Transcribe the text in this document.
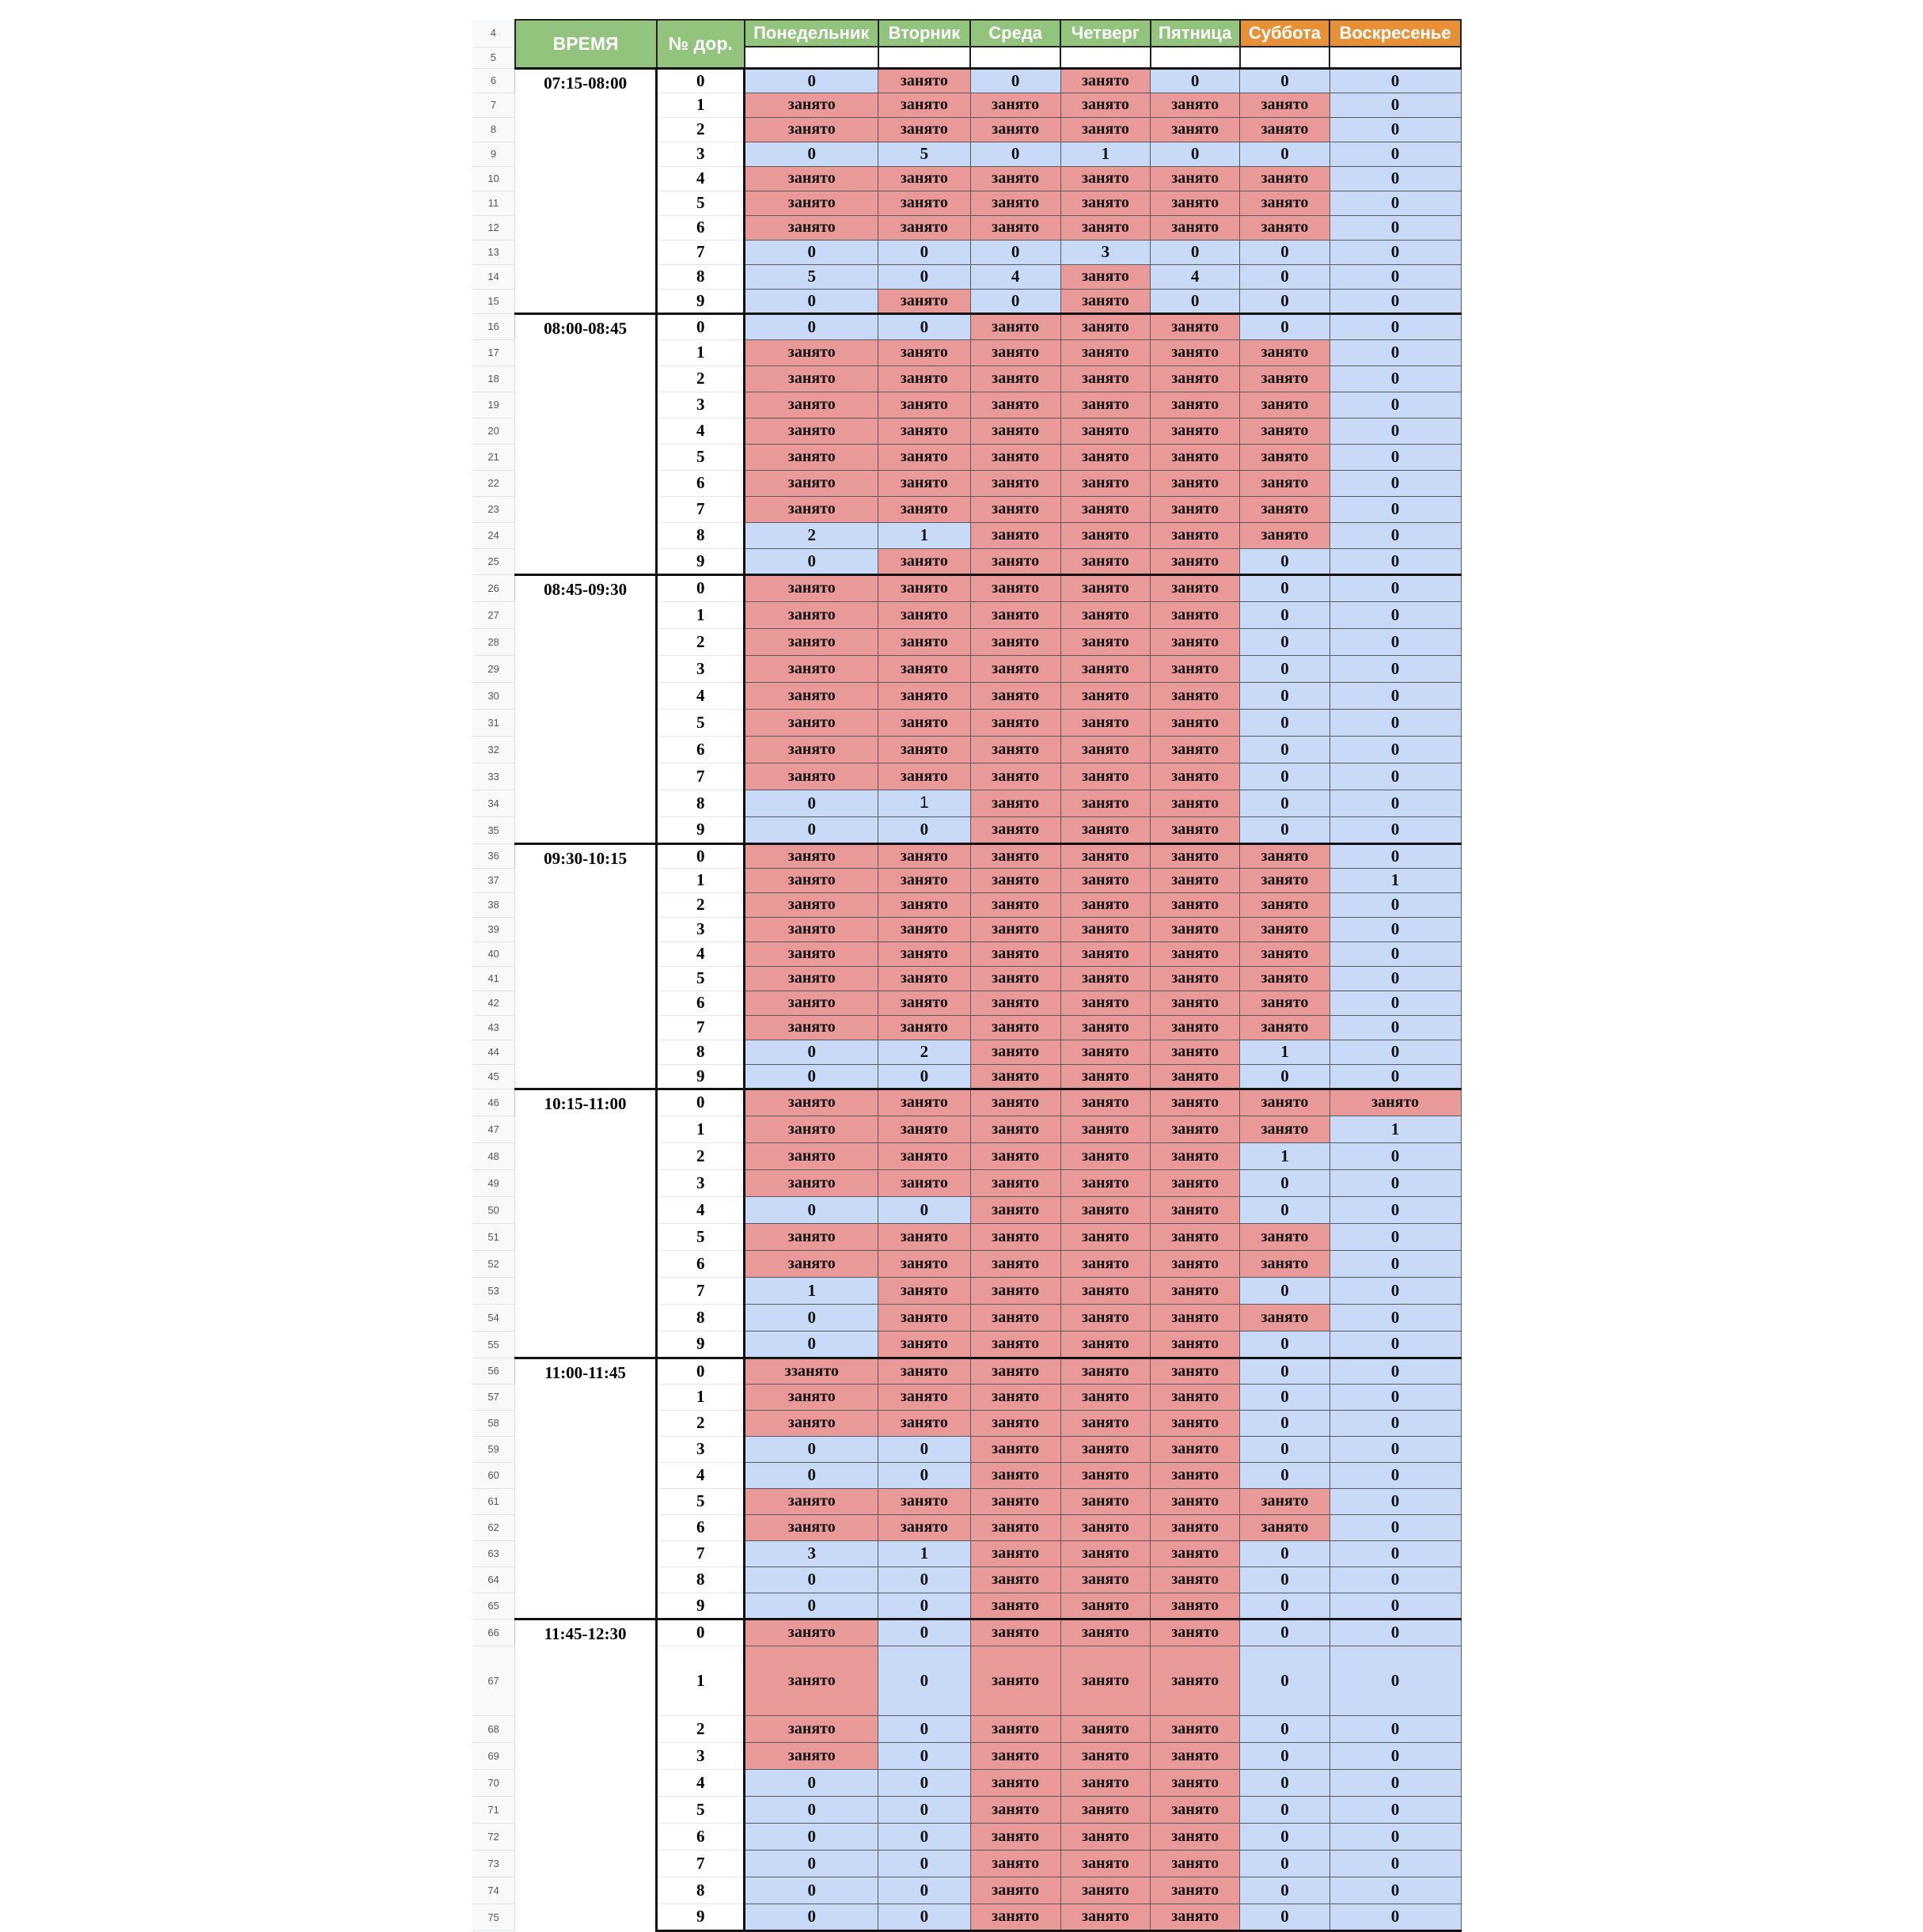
4	ВРЕМЯ	№ дор.	Понедельник	Вторник	Среда	Четверг	Пятница	Суббота	Воскресенье
5									
6	07:15-08:00	0	0	занято	0	занято	0	0	0
7		1	занято	занято	занято	занято	занято	занято	0
8		2	занято	занято	занято	занято	занято	занято	0
9		3	0	5	0	1	0	0	0
10		4	занято	занято	занято	занято	занято	занято	0
11		5	занято	занято	занято	занято	занято	занято	0
12		6	занято	занято	занято	занято	занято	занято	0
13		7	0	0	0	3	0	0	0
14		8	5	0	4	занято	4	0	0
15		9	0	занято	0	занято	0	0	0
16	08:00-08:45	0	0	0	занято	занято	занято	0	0
17		1	занято	занято	занято	занято	занято	занято	0
18		2	занято	занято	занято	занято	занято	занято	0
19		3	занято	занято	занято	занято	занято	занято	0
20		4	занято	занято	занято	занято	занято	занято	0
21		5	занято	занято	занято	занято	занято	занято	0
22		6	занято	занято	занято	занято	занято	занято	0
23		7	занято	занято	занято	занято	занято	занято	0
24		8	2	1	занято	занято	занято	занято	0
25		9	0	занято	занято	занято	занято	0	0
26	08:45-09:30	0	занято	занято	занято	занято	занято	0	0
27		1	занято	занято	занято	занято	занято	0	0
28		2	занято	занято	занято	занято	занято	0	0
29		3	занято	занято	занято	занято	занято	0	0
30		4	занято	занято	занято	занято	занято	0	0
31		5	занято	занято	занято	занято	занято	0	0
32		6	занято	занято	занято	занято	занято	0	0
33		7	занято	занято	занято	занято	занято	0	0
34		8	0	1	занято	занято	занято	0	0
35		9	0	0	занято	занято	занято	0	0
36	09:30-10:15	0	занято	занято	занято	занято	занято	занято	0
37		1	занято	занято	занято	занято	занято	занято	1
38		2	занято	занято	занято	занято	занято	занято	0
39		3	занято	занято	занято	занято	занято	занято	0
40		4	занято	занято	занято	занято	занято	занято	0
41		5	занято	занято	занято	занято	занято	занято	0
42		6	занято	занято	занято	занято	занято	занято	0
43		7	занято	занято	занято	занято	занято	занято	0
44		8	0	2	занято	занято	занято	1	0
45		9	0	0	занято	занято	занято	0	0
46	10:15-11:00	0	занято	занято	занято	занято	занято	занято	занято
47		1	занято	занято	занято	занято	занято	занято	1
48		2	занято	занято	занято	занято	занято	1	0
49		3	занято	занято	занято	занято	занято	0	0
50		4	0	0	занято	занято	занято	0	0
51		5	занято	занято	занято	занято	занято	занято	0
52		6	занято	занято	занято	занято	занято	занято	0
53		7	1	занято	занято	занято	занято	0	0
54		8	0	занято	занято	занято	занято	занято	0
55		9	0	занято	занято	занято	занято	0	0
56	11:00-11:45	0	ззанято	занято	занято	занято	занято	0	0
57		1	занято	занято	занято	занято	занято	0	0
58		2	занято	занято	занято	занято	занято	0	0
59		3	0	0	занято	занято	занято	0	0
60		4	0	0	занято	занято	занято	0	0
61		5	занято	занято	занято	занято	занято	занято	0
62		6	занято	занято	занято	занято	занято	занято	0
63		7	3	1	занято	занято	занято	0	0
64		8	0	0	занято	занято	занято	0	0
65		9	0	0	занято	занято	занято	0	0
66	11:45-12:30	0	занято	0	занято	занято	занято	0	0
67		1	занято	0	занято	занято	занято	0	0
68		2	занято	0	занято	занято	занято	0	0
69		3	занято	0	занято	занято	занято	0	0
70		4	0	0	занято	занято	занято	0	0
71		5	0	0	занято	занято	занято	0	0
72		6	0	0	занято	занято	занято	0	0
73		7	0	0	занято	занято	занято	0	0
74		8	0	0	занято	занято	занято	0	0
75		9	0	0	занято	занято	занято	0	0
